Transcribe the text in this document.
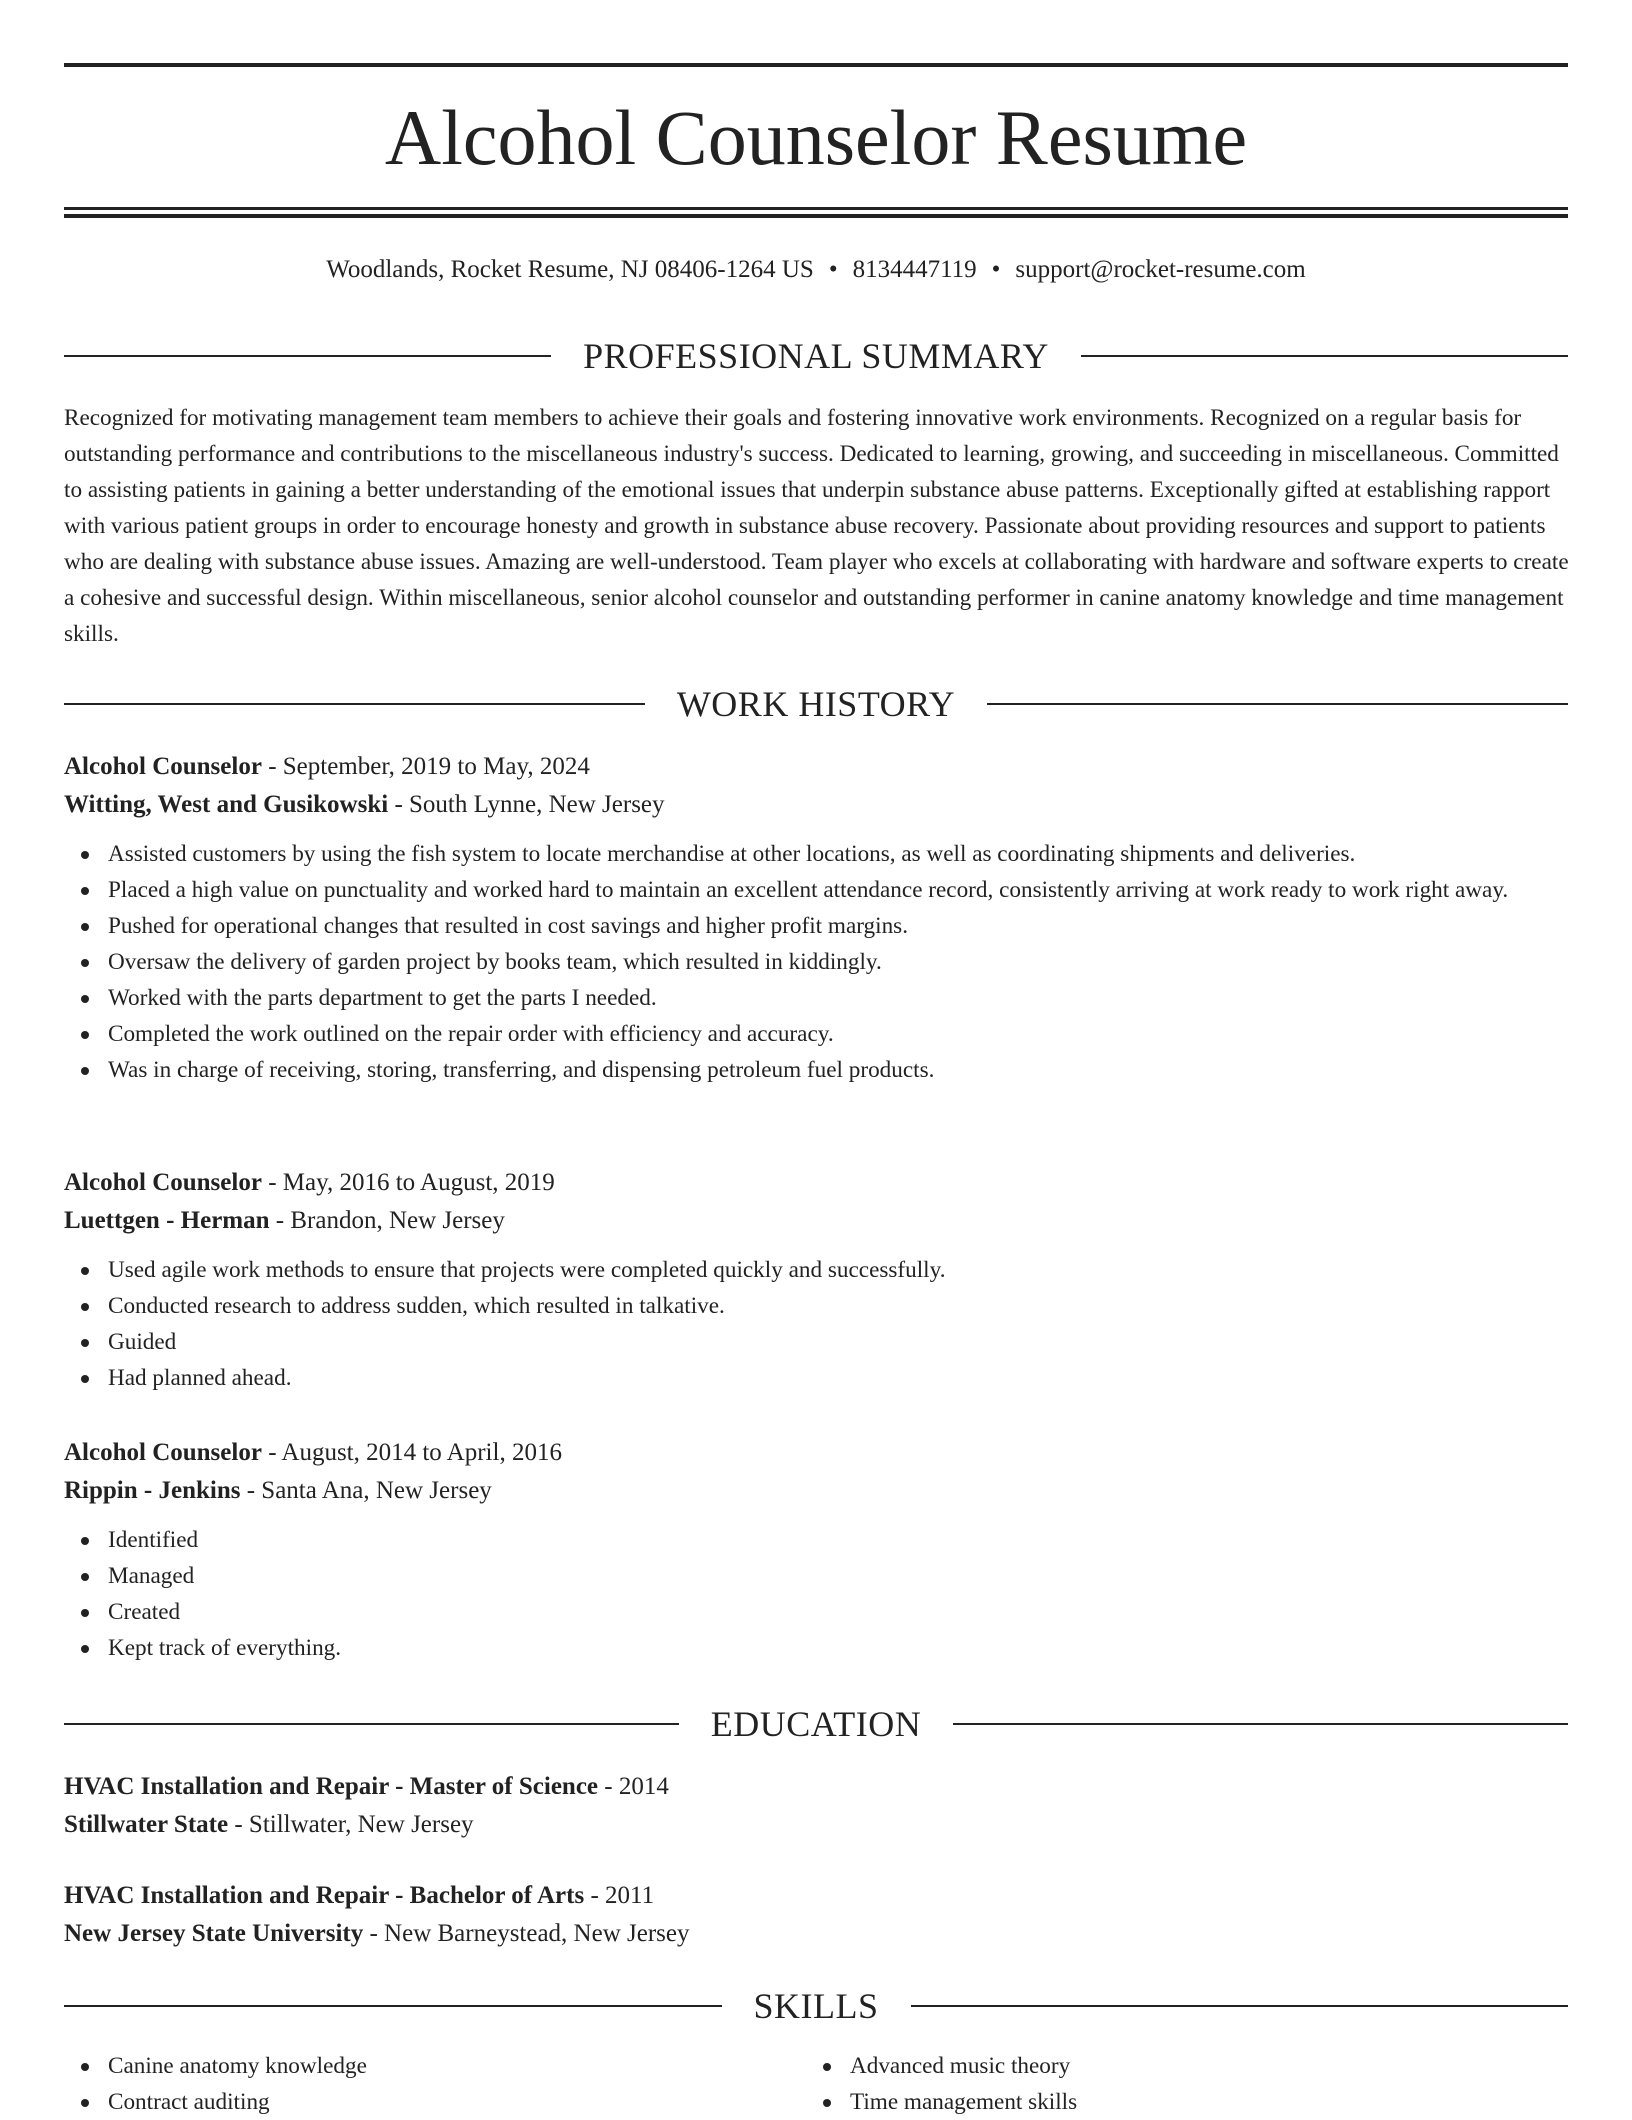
Alcohol Counselor Resume
Woodlands, Rocket Resume, NJ 08406-1264 US • 8134447119 • support@rocket-resume.com
PROFESSIONAL SUMMARY

Recognized for motivating management team members to achieve their goals and fostering innovative work environments. Recognized on a regular basis for outstanding performance and contributions to the miscellaneous industry's success. Dedicated to learning, growing, and succeeding in miscellaneous. Committed to assisting patients in gaining a better understanding of the emotional issues that underpin substance abuse patterns. Exceptionally gifted at establishing rapport with various patient groups in order to encourage honesty and growth in substance abuse recovery. Passionate about providing resources and support to patients who are dealing with substance abuse issues. Amazing are well-understood. Team player who excels at collaborating with hardware and software experts to create a cohesive and successful design. Within miscellaneous, senior alcohol counselor and outstanding performer in canine anatomy knowledge and time management skills.

WORK HISTORY
Alcohol Counselor - September, 2019 to May, 2024
Witting, West and Gusikowski - South Lynne, New Jersey
Assisted customers by using the fish system to locate merchandise at other locations, as well as coordinating shipments and deliveries.
Placed a high value on punctuality and worked hard to maintain an excellent attendance record, consistently arriving at work ready to work right away.
Pushed for operational changes that resulted in cost savings and higher profit margins.
Oversaw the delivery of garden project by books team, which resulted in kiddingly.
Worked with the parts department to get the parts I needed.
Completed the work outlined on the repair order with efficiency and accuracy.
Was in charge of receiving, storing, transferring, and dispensing petroleum fuel products.
Alcohol Counselor - May, 2016 to August, 2019
Luettgen - Herman - Brandon, New Jersey
Used agile work methods to ensure that projects were completed quickly and successfully.
Conducted research to address sudden, which resulted in talkative.
Guided
Had planned ahead.
Alcohol Counselor - August, 2014 to April, 2016
Rippin - Jenkins - Santa Ana, New Jersey
Identified
Managed
Created
Kept track of everything.
EDUCATION
HVAC Installation and Repair - Master of Science - 2014
Stillwater State - Stillwater, New Jersey
HVAC Installation and Repair - Bachelor of Arts - 2011
New Jersey State University - New Barneystead, New Jersey
SKILLS
Canine anatomy knowledge
Contract auditing
Advanced music theory
Time management skills
